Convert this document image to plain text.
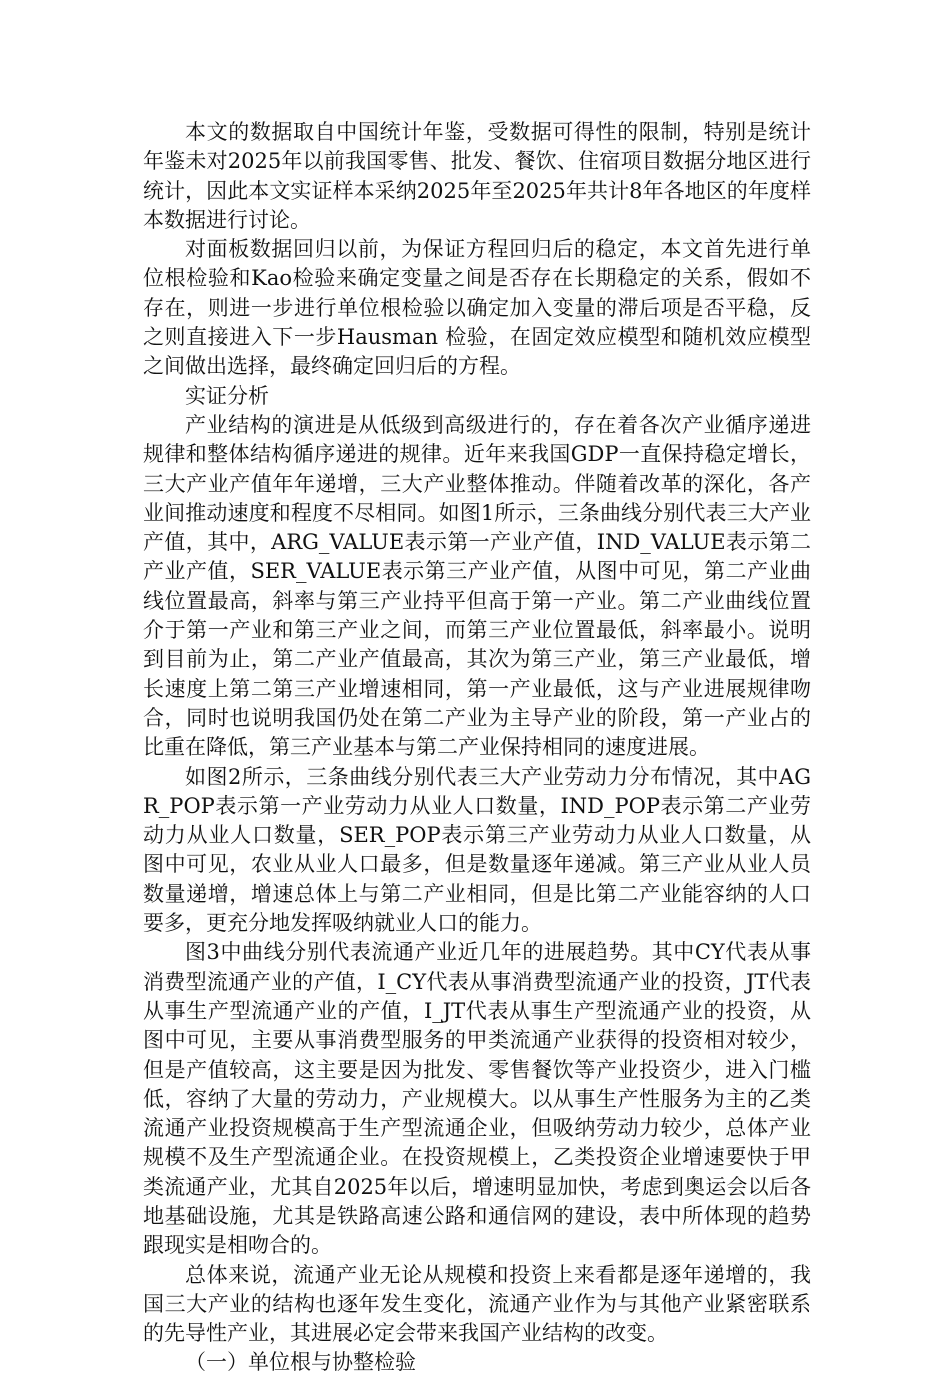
本文的数据取自中国统计年鉴，受数据可得性的限制，特别是统计年鉴未对2025年以前我国零售、批发、餐饮、住宿项目数据分地区进行统计，因此本文实证样本采纳2025年至2025年共计8年各地区的年度样本数据进行讨论。

对面板数据回归以前，为保证方程回归后的稳定，本文首先进行单位根检验和Kao检验来确定变量之间是否存在长期稳定的关系，假如不存在，则进一步进行单位根检验以确定加入变量的滞后项是否平稳，反之则直接进入下一步Hausman 检验，在固定效应模型和随机效应模型之间做出选择，最终确定回归后的方程。

实证分析

产业结构的演进是从低级到高级进行的，存在着各次产业循序递进规律和整体结构循序递进的规律。近年来我国GDP一直保持稳定增长，三大产业产值年年递增，三大产业整体推动。伴随着改革的深化，各产业间推动速度和程度不尽相同。如图1所示，三条曲线分别代表三大产业产值，其中，ARG_VALUE表示第一产业产值，IND_VALUE表示第二产业产值，SER_VALUE表示第三产业产值，从图中可见，第二产业曲线位置最高，斜率与第三产业持平但高于第一产业。第二产业曲线位置介于第一产业和第三产业之间，而第三产业位置最低，斜率最小。说明到目前为止，第二产业产值最高，其次为第三产业，第三产业最低，增长速度上第二第三产业增速相同，第一产业最低，这与产业进展规律吻合，同时也说明我国仍处在第二产业为主导产业的阶段，第一产业占的比重在降低，第三产业基本与第二产业保持相同的速度进展。

如图2所示，三条曲线分别代表三大产业劳动力分布情况，其中AGR_POP表示第一产业劳动力从业人口数量，IND_POP表示第二产业劳动力从业人口数量，SER_POP表示第三产业劳动力从业人口数量，从图中可见，农业从业人口最多，但是数量逐年递减。第三产业从业人员数量递增，增速总体上与第二产业相同，但是比第二产业能容纳的人口要多，更充分地发挥吸纳就业人口的能力。

图3中曲线分别代表流通产业近几年的进展趋势。其中CY代表从事消费型流通产业的产值，I_CY代表从事消费型流通产业的投资，JT代表从事生产型流通产业的产值，I_JT代表从事生产型流通产业的投资，从图中可见，主要从事消费型服务的甲类流通产业获得的投资相对较少，但是产值较高，这主要是因为批发、零售餐饮等产业投资少，进入门槛低，容纳了大量的劳动力，产业规模大。以从事生产性服务为主的乙类流通产业投资规模高于生产型流通企业，但吸纳劳动力较少，总体产业规模不及生产型流通企业。在投资规模上，乙类投资企业增速要快于甲类流通产业，尤其自2025年以后，增速明显加快，考虑到奥运会以后各地基础设施，尤其是铁路高速公路和通信网的建设，表中所体现的趋势跟现实是相吻合的。

总体来说，流通产业无论从规模和投资上来看都是逐年递增的，我国三大产业的结构也逐年发生变化，流通产业作为与其他产业紧密联系的先导性产业，其进展必定会带来我国产业结构的改变。

（一）单位根与协整检验
